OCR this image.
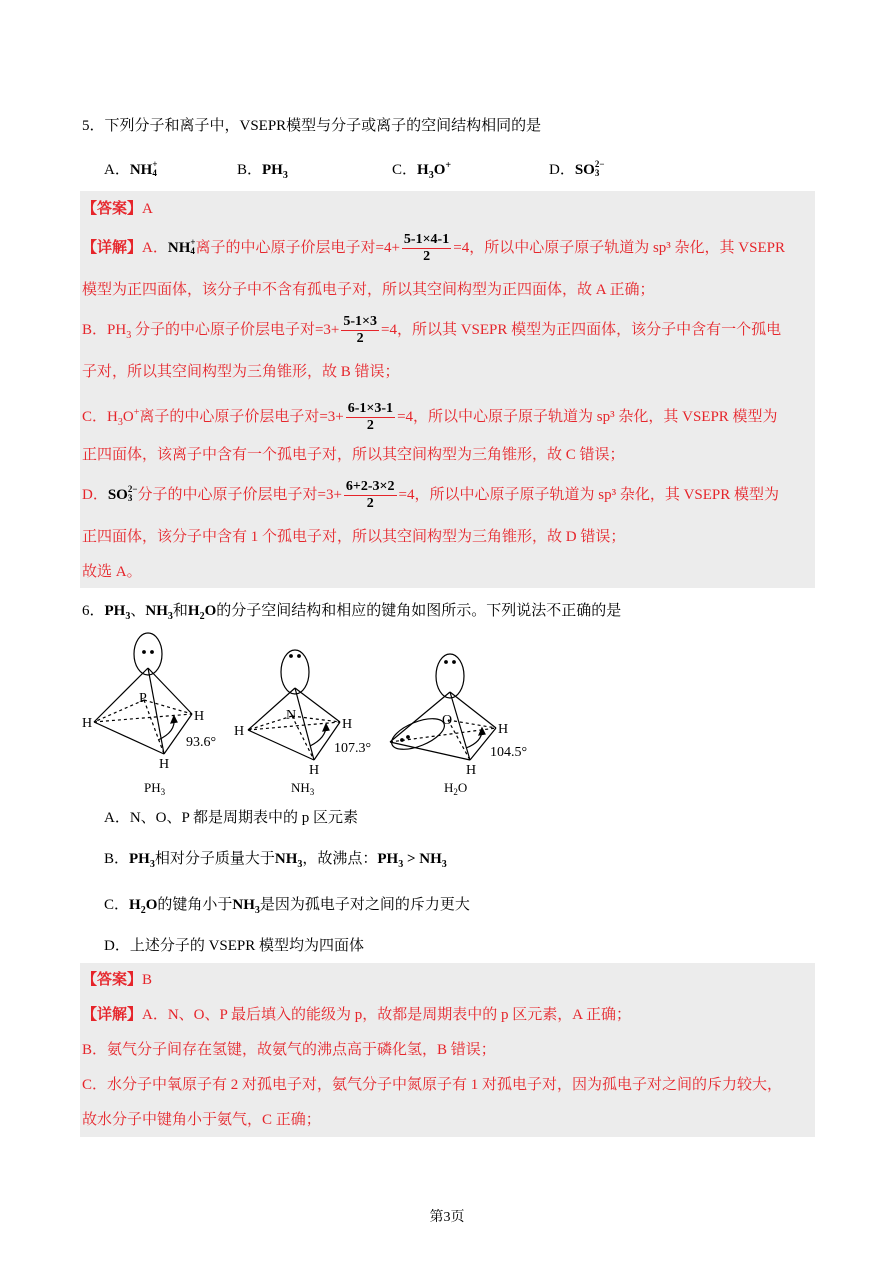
5．下列分子和离子中，VSEPR模型与分子或离子的空间结构相同的是
A．NH +
4	B．$PH_3$	C．$H_3O^+$	D．SO 2−
3
【答案】A
【详解】A．NH +
4 离子的中心原子价层电子对$=4+ \frac{5-1\times 4-1}{2} =4$，所以中心原子原子轨道为 sp³ 杂化，其 VSEPR
模型为正四面体，该分子中不含有孤电子对，所以其空间构型为正四面体，故 A 正确；
B．$PH_3$ 分子的中心原子价层电子对$=3+ \frac{5-1\times 3}{2} =4$，所以其 VSEPR 模型为正四面体，该分子中含有一个孤电
子对，所以其空间构型为三角锥形，故 B 错误；
C．$H_3O^+$离子的中心原子价层电子对$=3+ \frac{6-1\times 3-1}{2} =4$，所以中心原子原子轨道为 sp³ 杂化，其 VSEPR 模型为
正四面体，该离子中含有一个孤电子对，所以其空间构型为三角锥形，故 C 错误；
D．SO 2−
3 分子的中心原子价层电子对$=3+ \frac{6+2-3\times 2}{2} =4$，所以中心原子原子轨道为 sp³ 杂化，其 VSEPR 模型为
正四面体，该分子中含有 1 个孤电子对，所以其空间构型为三角锥形，故 D 错误；
故选 A。
6．$PH_3$、$NH_3$和$H_2O$的分子空间结构和相应的键角如图所示。下列说法不正确的是
P
H	H
H
93.6°
N
H	H
H
107.3°
O
H
H
104.5°
$PH_3$	$NH_3$	$H_2O$
A．N、O、P 都是周期表中的 p 区元素
B．$PH_3$相对分子质量大于$NH_3$，故沸点：$PH_3 > NH_3$
C．$H_2O$的键角小于$NH_3$是因为孤电子对之间的斥力更大
D．上述分子的 VSEPR 模型均为四面体
【答案】B
【详解】A．N、O、P 最后填入的能级为 p，故都是周期表中的 p 区元素，A 正确；
B．氨气分子间存在氢键，故氨气的沸点高于磷化氢，B 错误；
C．水分子中氧原子有 2 对孤电子对，氨气分子中氮原子有 1 对孤电子对，因为孤电子对之间的斥力较大，
故水分子中键角小于氨气，C 正确；
第3页
